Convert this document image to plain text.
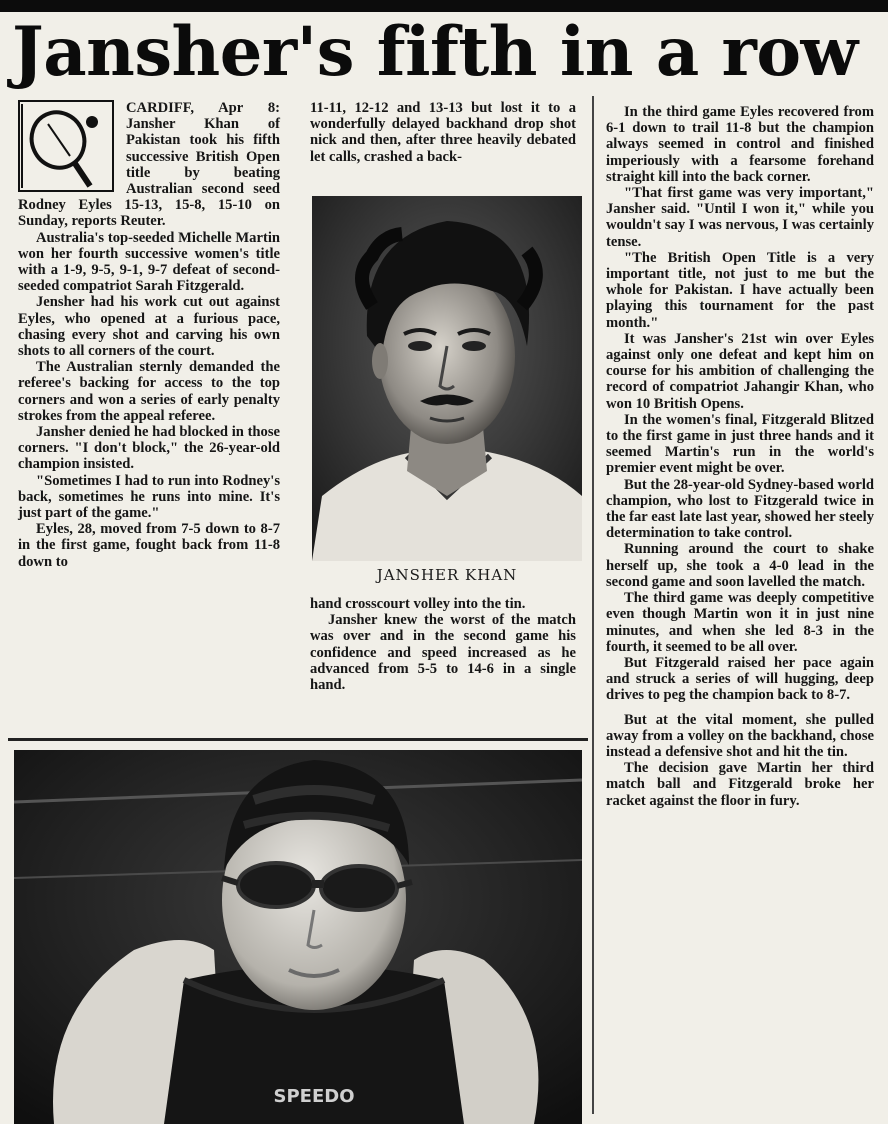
Jansher's fifth in a row

CARDIFF, Apr 8: Jansher Khan of Pakistan took his fifth successive British Open title by beating Australian second seed Rodney Eyles 15-13, 15-8, 15-10 on Sunday, reports Reuter.

Australia's top-seeded Michelle Martin won her fourth successive women's title with a 1-9, 9-5, 9-1, 9-7 defeat of second-seeded compatriot Sarah Fitzgerald.

Jensher had his work cut out against Eyles, who opened at a furious pace, chasing every shot and carving his own shots to all corners of the court.

The Australian sternly demanded the referee's backing for access to the top corners and won a series of early penalty strokes from the appeal referee.

Jansher denied he had blocked in those corners. "I don't block," the 26-year-old champion insisted.

"Sometimes I had to run into Rodney's back, sometimes he runs into mine. It's just part of the game."

Eyles, 28, moved from 7-5 down to 8-7 in the first game, fought back from 11-8 down to

11-11, 12-12 and 13-13 but lost it to a wonderfully delayed backhand drop shot nick and then, after three heavily debated let calls, crashed a back-

JANSHER KHAN

hand crosscourt volley into the tin.

Jansher knew the worst of the match was over and in the second game his confidence and speed increased as he advanced from 5-5 to 14-6 in a single hand.

In the third game Eyles recovered from 6-1 down to trail 11-8 but the champion always seemed in control and finished imperiously with a fearsome forehand straight kill into the back corner.

"That first game was very important," Jansher said. "Until I won it," while you wouldn't say I was nervous, I was certainly tense.

"The British Open Title is a very important title, not just to me but the whole for Pakistan. I have actually been playing this tournament for the past month."

It was Jansher's 21st win over Eyles against only one defeat and kept him on course for his ambition of challenging the record of compatriot Jahangir Khan, who won 10 British Opens.

In the women's final, Fitzgerald Blitzed to the first game in just three hands and it seemed Martin's run in the world's premier event might be over.

But the 28-year-old Sydney-based world champion, who lost to Fitzgerald twice in the far east late last year, showed her steely determination to take control.

Running around the court to shake herself up, she took a 4-0 lead in the second game and soon lavelled the match.

The third game was deeply competitive even though Martin won it in just nine minutes, and when she led 8-3 in the fourth, it seemed to be all over.

But Fitzgerald raised her pace again and struck a series of will hugging, deep drives to peg the champion back to 8-7.

But at the vital moment, she pulled away from a volley on the backhand, chose instead a defensive shot and hit the tin.

The decision gave Martin her third match ball and Fitzgerald broke her racket against the floor in fury.

SPEEDO
